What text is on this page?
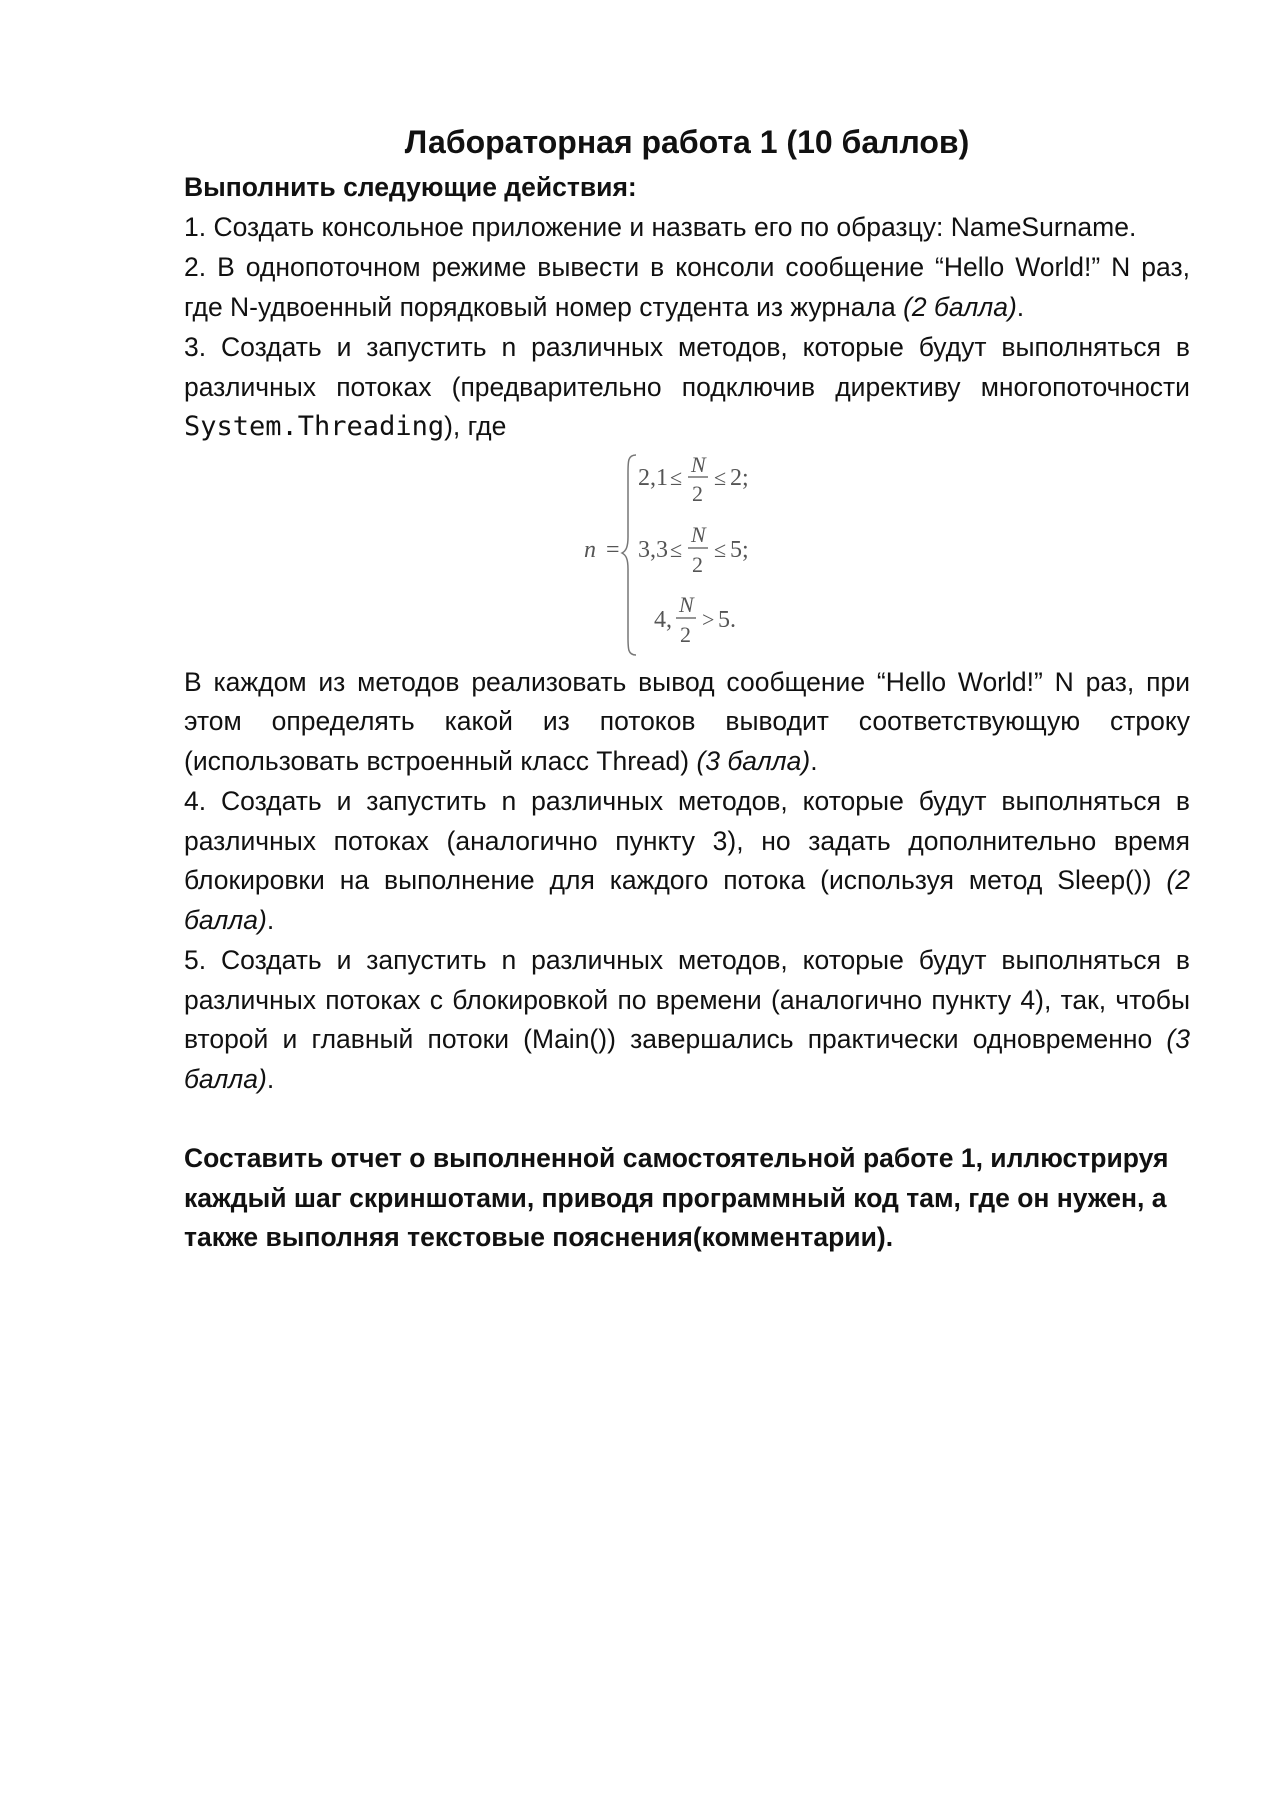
Лабораторная работа 1 (10 баллов)

Выполнить следующие действия:

1. Создать консольное приложение и назвать его по образцу: NameSurname.

2. В однопоточном режиме вывести в консоли сообщение “Hello World!” N раз, где N-удвоенный порядковый номер студента из журнала (2 балла).

3. Создать и запустить n различных методов, которые будут выполняться в различных потоках (предварительно подключив директиву многопоточности System.Threading), где

n =
2,1 ≤
N
2
≤ 2;
3,3 ≤
N
2
≤ 5;
4,
N
2
> 5.

В каждом из методов реализовать вывод сообщение “Hello World!” N раз, при этом определять какой из потоков выводит соответствующую строку (использовать встроенный класс Thread) (3 балла).

4. Создать и запустить n различных методов, которые будут выполняться в различных потоках (аналогично пункту 3), но задать дополнительно время блокировки на выполнение для каждого потока (используя метод Sleep()) (2 балла).

5. Создать и запустить n различных методов, которые будут выполняться в различных потоках с блокировкой по времени (аналогично пункту 4), так, чтобы второй и главный потоки (Main()) завершались практически одновременно (3 балла).

Составить отчет о выполненной самостоятельной работе 1, иллюстрируя
каждый шаг скриншотами, приводя программный код там, где он нужен, а
также выполняя текстовые пояснения(комментарии).
